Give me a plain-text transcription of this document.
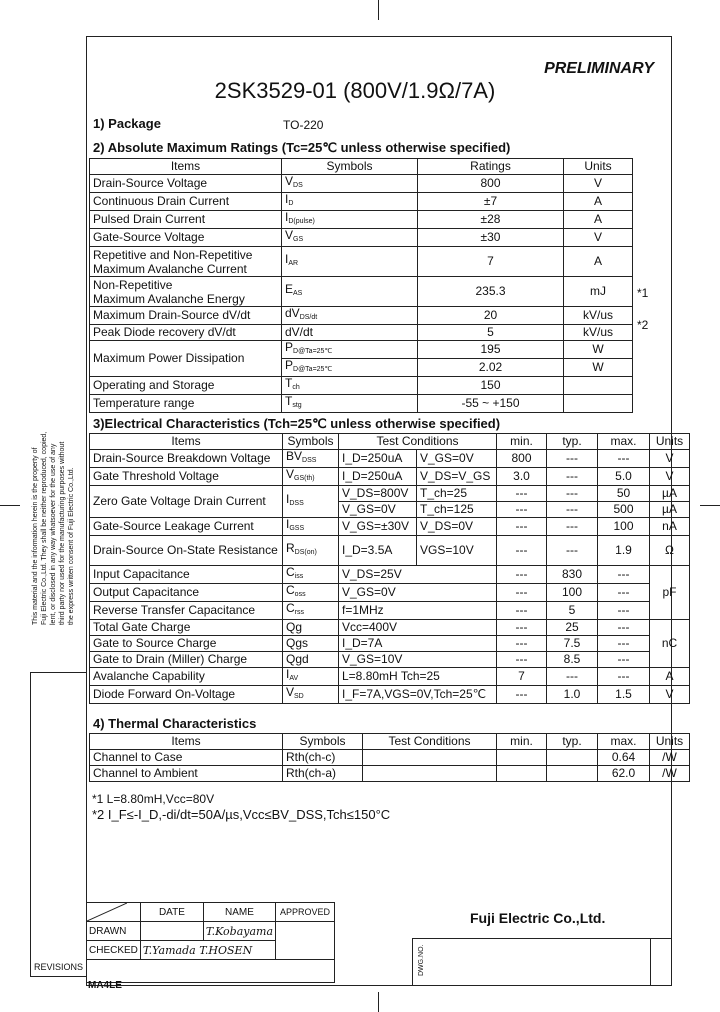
PRELIMINARY
2SK3529-01 (800V/1.9Ω/7A)
1) Package	TO-220
2) Absolute Maximum Ratings (Tc=25℃ unless otherwise specified)
Items	Symbols	Ratings	Units	
Drain-Source Voltage	$V_{DS}$	800	V	
Continuous Drain Current	$I_D$	±7	A	
Pulsed Drain Current	$I_{D(pulse)}$	±28	A	
Gate-Source Voltage	$V_{GS}$	±30	V	

Repetitive and Non-Repetitive
Maximum Avalanche Current	$I_{AR}$	7	A	

Non-Repetitive
Maximum Avalanche Energy	$E_{AS}$	235.3	mJ	
Maximum Drain-Source dV/dt	$dV_{DS/dt}$	20	kV/us	
Peak Diode recovery dV/dt	dV/dt	5	kV/us	
Maximum Power Dissipation	$P_{D@Ta=25℃}$	195	W	
	$P_{D@Ta=25℃}$	2.02	W	
Operating and Storage	$T_{ch}$	150		
Temperature range	$T_{stg}$	-55 ~ +150		
3)Electrical Characteristics (Tch=25℃ unless otherwise specified)
Items	Symbols	Test Conditions		min.	typ.	max.	Units
Drain-Source Breakdown Voltage	$BV_{DSS}$	I_D=250uA	V_GS=0V	800	---	---	V
Gate Threshold Voltage	$V_{GS(th)}$	I_D=250uA	V_DS=V_GS	3.0	---	5.0	V
Zero Gate Voltage Drain Current	$I_{DSS}$	V_DS=800V	T_ch=25	---	---	50	µA
		V_GS=0V	T_ch=125	---	---	500	µA
Gate-Source Leakage Current	$I_{GSS}$	V_GS=±30V	V_DS=0V	---	---	100	nA
Drain-Source On-State Resistance	$R_{DS(on)}$	I_D=3.5A	VGS=10V	---	---	1.9	Ω
Input Capacitance	$C_{iss}$	V_DS=25V		---	830	---	pF
Output Capacitance	$C_{oss}$	V_GS=0V		---	100	---	
Reverse Transfer Capacitance	$C_{rss}$	f=1MHz		---	5	---	
Total Gate Charge	Qg	Vcc=400V		---	25	---	nC
Gate to Source Charge	Qgs	I_D=7A		---	7.5	---	
Gate to Drain (Miller) Charge	Qgd	V_GS=10V		---	8.5	---	
Avalanche Capability	$I_{AV}$	L=8.80mH Tch=25		7	---	---	A
Diode Forward On-Voltage	$V_{SD}$	I_F=7A,VGS=0V,Tch=25℃		---	1.0	1.5	V
4) Thermal Characteristics
Items	Symbols	Test Conditions	min.	typ.	max.	Units
Channel to Case	Rth(ch-c)				0.64	/W
Channel to Ambient	Rth(ch-a)				62.0	/W
*1 L=8.80mH,Vcc=80V
*2 I_F≤-I_D,-di/dt=50A/µs,Vcc≤BV_DSS,Tch≤150°C
This material and the information herein is the property of Fuji Electric Co.,Ltd. They shall be neither reproduced, copied, lent, or disclosed in any way whatsoever for the use of any third party nor used for the manufacturing purposes without the express written consent of Fuji Electric Co.,Ltd.
REVISIONS
	DATE	NAME	APPROVED
DRAWN		T.Kobayama	
CHECKED	T.Yamada T.HOSEN			DWG.NO.
Fuji Electric Co.,Ltd.
MA4LE
*1
*2
